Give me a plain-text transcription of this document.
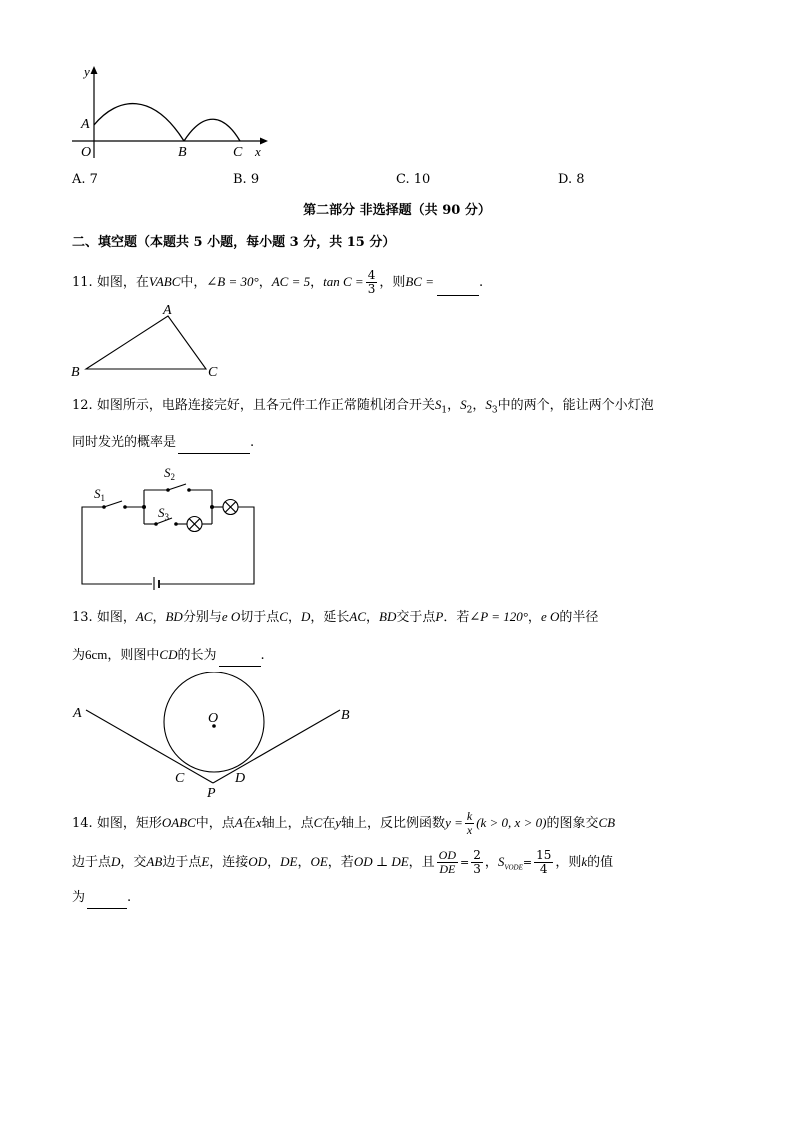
y
A
O	B	C x
A. 7	B. 9	C. 10	D. 8
第二部分 非选择题（共 90 分）
二、填空题（本题共 5 小题，每小题 3 分，共 15 分）
11. 如图，在VABC中，∠B = 30°，AC = 5，$\tan C = \frac{4}{3}$ ，则BC =	.
A
B	C
12. 如图所示，电路连接完好，且各元件工作正常随机闭合开关$S_1$，$S_2$，$S_3$中的两个，能让两个小灯泡
同时发光的概率是	.
$S_1$
$S_2$
$S_3$
13. 如图，AC，BD分别与e O切于点C，D，延长AC，BD交于点P．若∠P = 120°，e O的半径
为6cm，则图中CD的长为	.
A	B
O
C	D
P
14. 如图，矩形OABC中，点A在x轴上，点C在y轴上，反比例函数$y = \frac{k}{x} (k > 0$, x > 0)的图象交CB
边于点D，交AB边于点E，连接OD，DE，OE，若OD ⊥ DE，且 $\frac{OD}{DE} = \frac{2}{3}$ ，$S_{VODE}= \frac{15}{4}$ ，则k的值
为	.
